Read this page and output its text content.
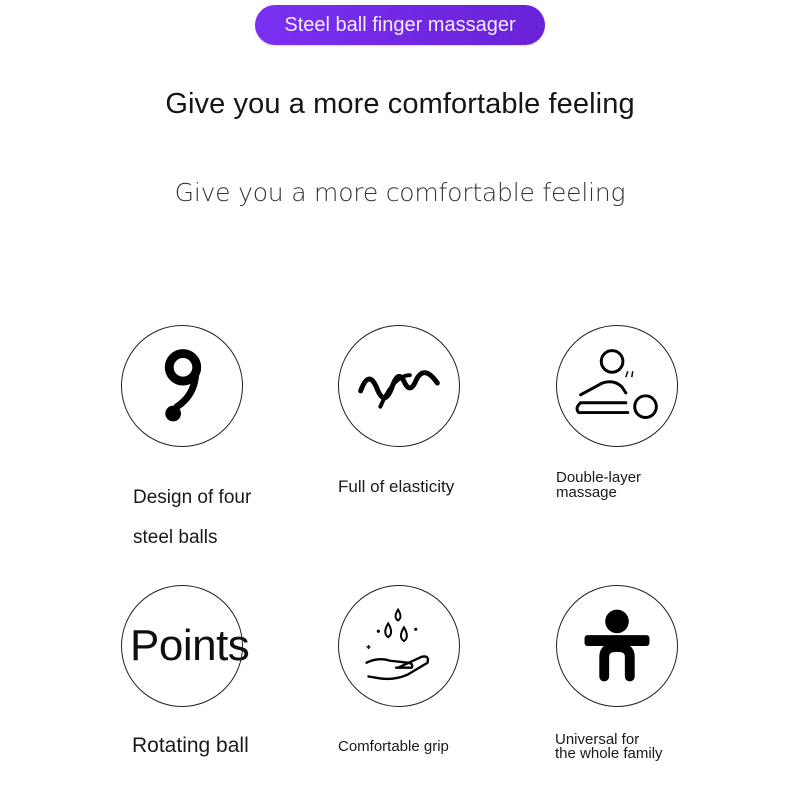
Steel ball finger massager
Give you a more comfortable feeling
Give you a more comfortable feeling
Design of four
steel balls
Full of elasticity	Double-layer
massage
Points
Rotating ball	Comfortable grip	Universal for
the whole family
